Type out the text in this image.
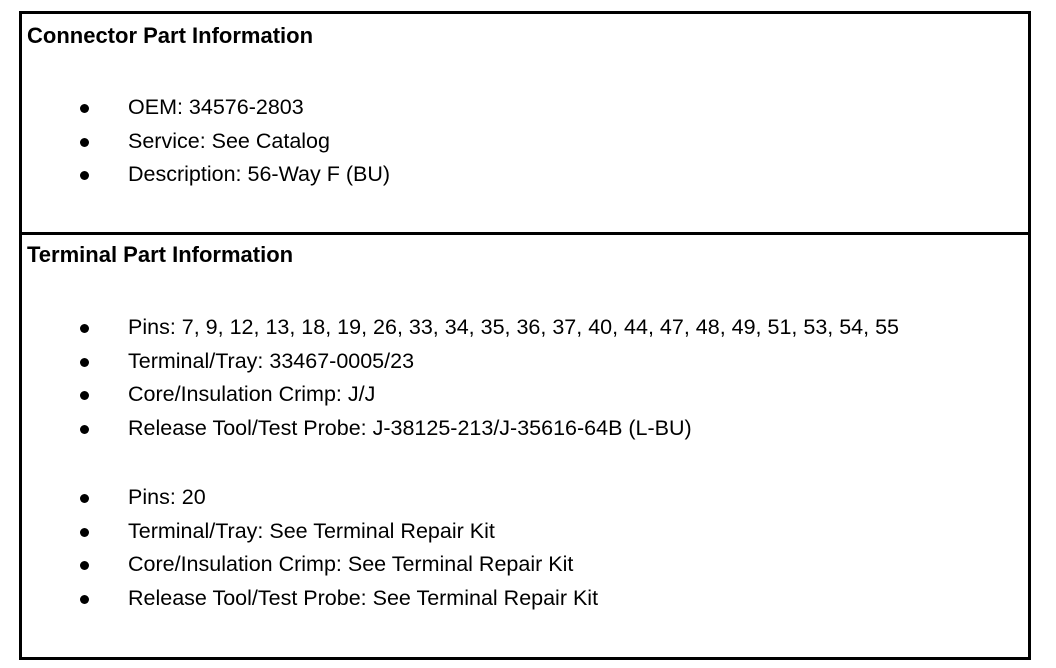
Connector Part Information
OEM: 34576-2803
Service: See Catalog
Description: 56-Way F (BU)
Terminal Part Information
Pins: 7, 9, 12, 13, 18, 19, 26, 33, 34, 35, 36, 37, 40, 44, 47, 48, 49, 51, 53, 54, 55
Terminal/Tray: 33467-0005/23
Core/Insulation Crimp: J/J
Release Tool/Test Probe: J-38125-213/J-35616-64B (L-BU)
Pins: 20
Terminal/Tray: See Terminal Repair Kit
Core/Insulation Crimp: See Terminal Repair Kit
Release Tool/Test Probe: See Terminal Repair Kit
